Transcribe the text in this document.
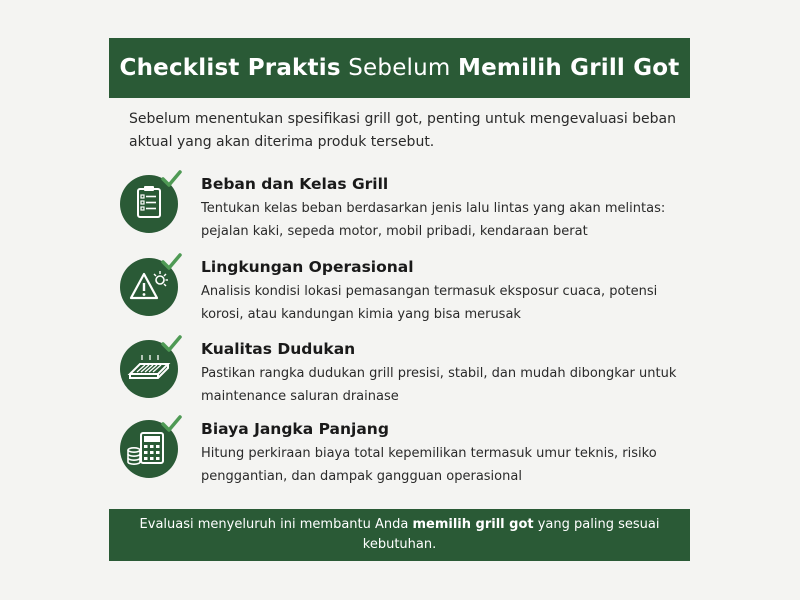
Checklist Praktis Sebelum Memilih Grill Got
Sebelum menentukan spesifikasi grill got, penting untuk mengevaluasi beban aktual yang akan diterima produk tersebut.
Beban dan Kelas Grill
Tentukan kelas beban berdasarkan jenis lalu lintas yang akan melintas: pejalan kaki, sepeda motor, mobil pribadi, kendaraan berat
Lingkungan Operasional
Analisis kondisi lokasi pemasangan termasuk eksposur cuaca, potensi korosi, atau kandungan kimia yang bisa merusak
Kualitas Dudukan
Pastikan rangka dudukan grill presisi, stabil, dan mudah dibongkar untuk maintenance saluran drainase
Biaya Jangka Panjang
Hitung perkiraan biaya total kepemilikan termasuk umur teknis, risiko penggantian, dan dampak gangguan operasional
Evaluasi menyeluruh ini membantu Anda memilih grill got yang paling sesuai kebutuhan.
